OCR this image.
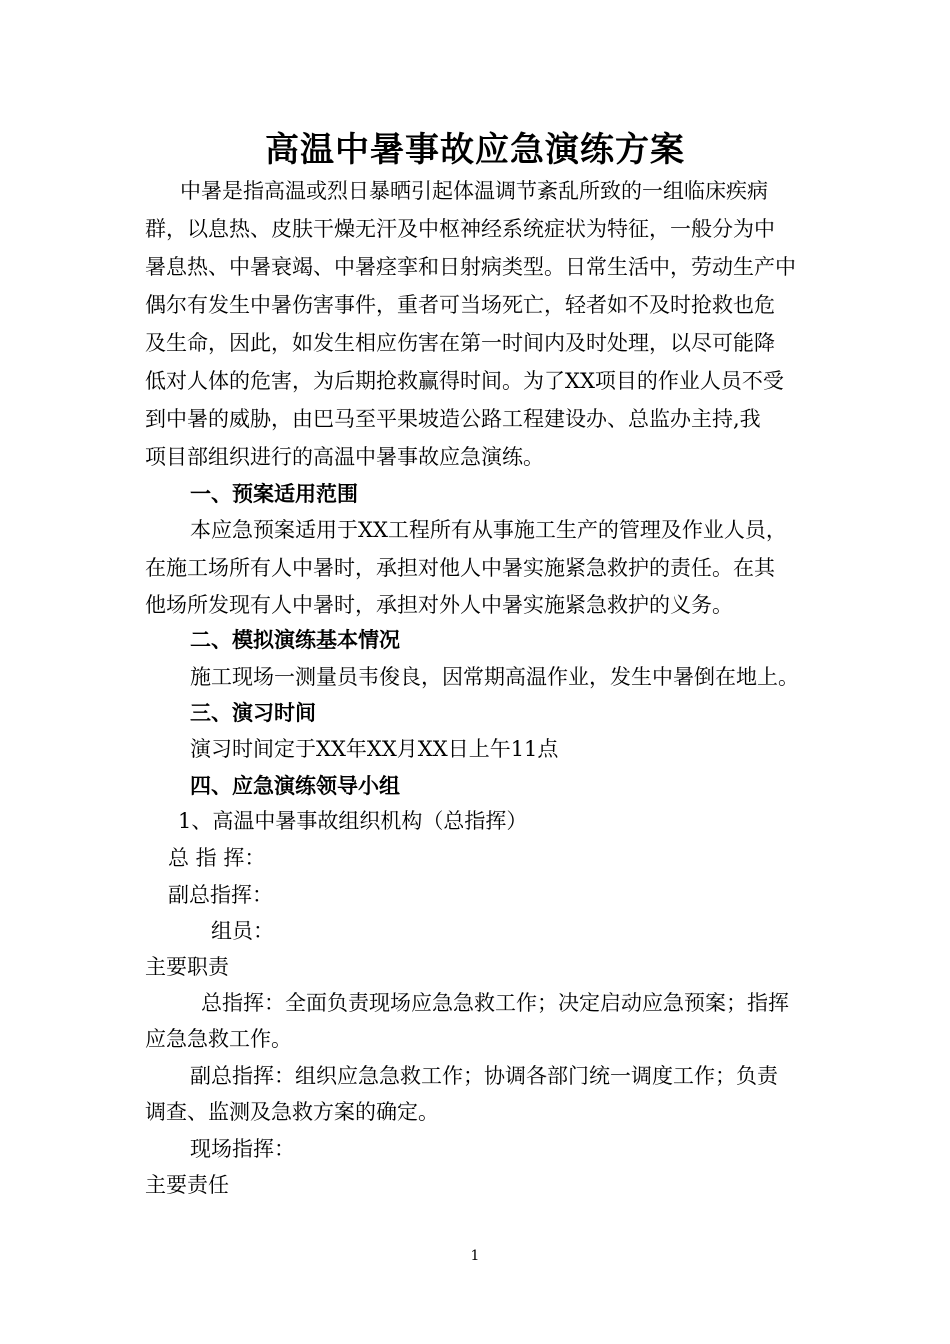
高温中暑事故应急演练方案
中暑是指高温或烈日暴晒引起体温调节紊乱所致的一组临床疾病
群，以息热、皮肤干燥无汗及中枢神经系统症状为特征，一般分为中
暑息热、中暑衰竭、中暑痉挛和日射病类型。日常生活中，劳动生产中
偶尔有发生中暑伤害事件，重者可当场死亡，轻者如不及时抢救也危
及生命，因此，如发生相应伤害在第一时间内及时处理，以尽可能降
低对人体的危害，为后期抢救赢得时间。为了XX项目的作业人员不受
到中暑的威胁，由巴马至平果坡造公路工程建设办、总监办主持,我
项目部组织进行的高温中暑事故应急演练。
一、预案适用范围
本应急预案适用于XX工程所有从事施工生产的管理及作业人员，
在施工场所有人中暑时，承担对他人中暑实施紧急救护的责任。在其
他场所发现有人中暑时，承担对外人中暑实施紧急救护的义务。
二、模拟演练基本情况
施工现场一测量员韦俊良，因常期高温作业，发生中暑倒在地上。
三、演习时间
演习时间定于XX年XX月XX日上午11点
四、应急演练领导小组
1、高温中暑事故组织机构（总指挥）
总 指 挥：
副总指挥：
组员：
主要职责
总指挥：全面负责现场应急急救工作；决定启动应急预案；指挥
应急急救工作。
副总指挥：组织应急急救工作；协调各部门统一调度工作；负责
调查、监测及急救方案的确定。
现场指挥：
主要责任
1
